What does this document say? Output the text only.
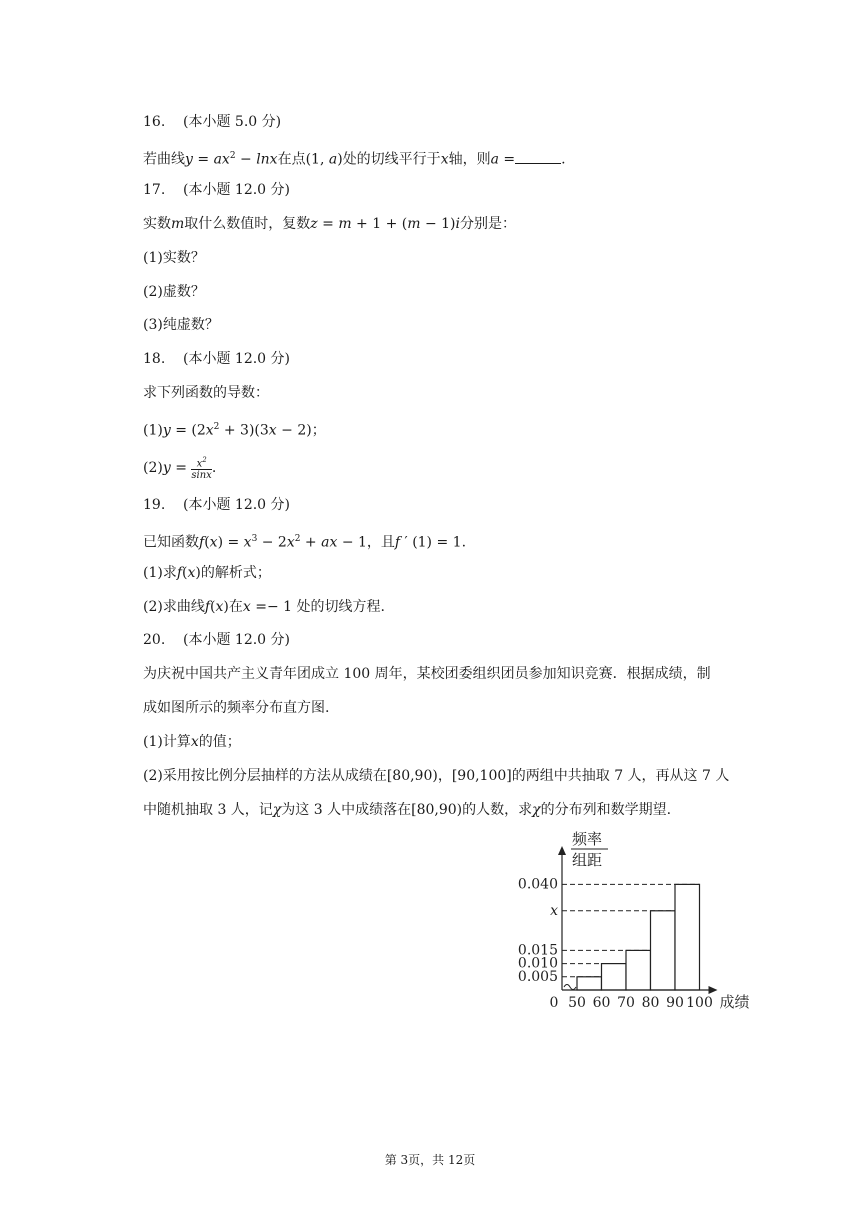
16. (本小题 5.0 分)
若曲线$y = ax^2 - \ln x$在点(1, a)处的切线平行于x轴，则a =	.
17. (本小题 12.0 分)
实数m取什么数值时，复数z = m + 1 + (m − 1)i分别是：
(1)实数？
(2)虚数？
(3)纯虚数？
18. (本小题 12.0 分)
求下列函数的导数：
$(1)y = (2x^2 + 3)(3x - 2)$；
$(2)y = \frac{x^2}{\sin x}$ .
19. (本小题 12.0 分)
已知函数$f(x) = x^3 - 2x^2$ + ax − 1，且f ′ (1) = 1.
(1)求f(x)的解析式；
(2)求曲线f(x)在x =− 1 处的切线方程.
20. (本小题 12.0 分)
为庆祝中国共产主义青年团成立 100 周年，某校团委组织团员参加知识竞赛．根据成绩，制
成如图所示的频率分布直方图.
(1)计算x的值；
(2)采用按比例分层抽样的方法从成绩在[80,90)，[90,100]的两组中共抽取 7 人，再从这 7 人
中随机抽取 3 人，记χ为这 3 人中成绩落在[80,90)的人数，求χ的分布列和数学期望.
0.005
0.010
0.015
x
0.040
50 60 70 80 90 100
0	成绩
频率
组距
第 3页，共 12页
